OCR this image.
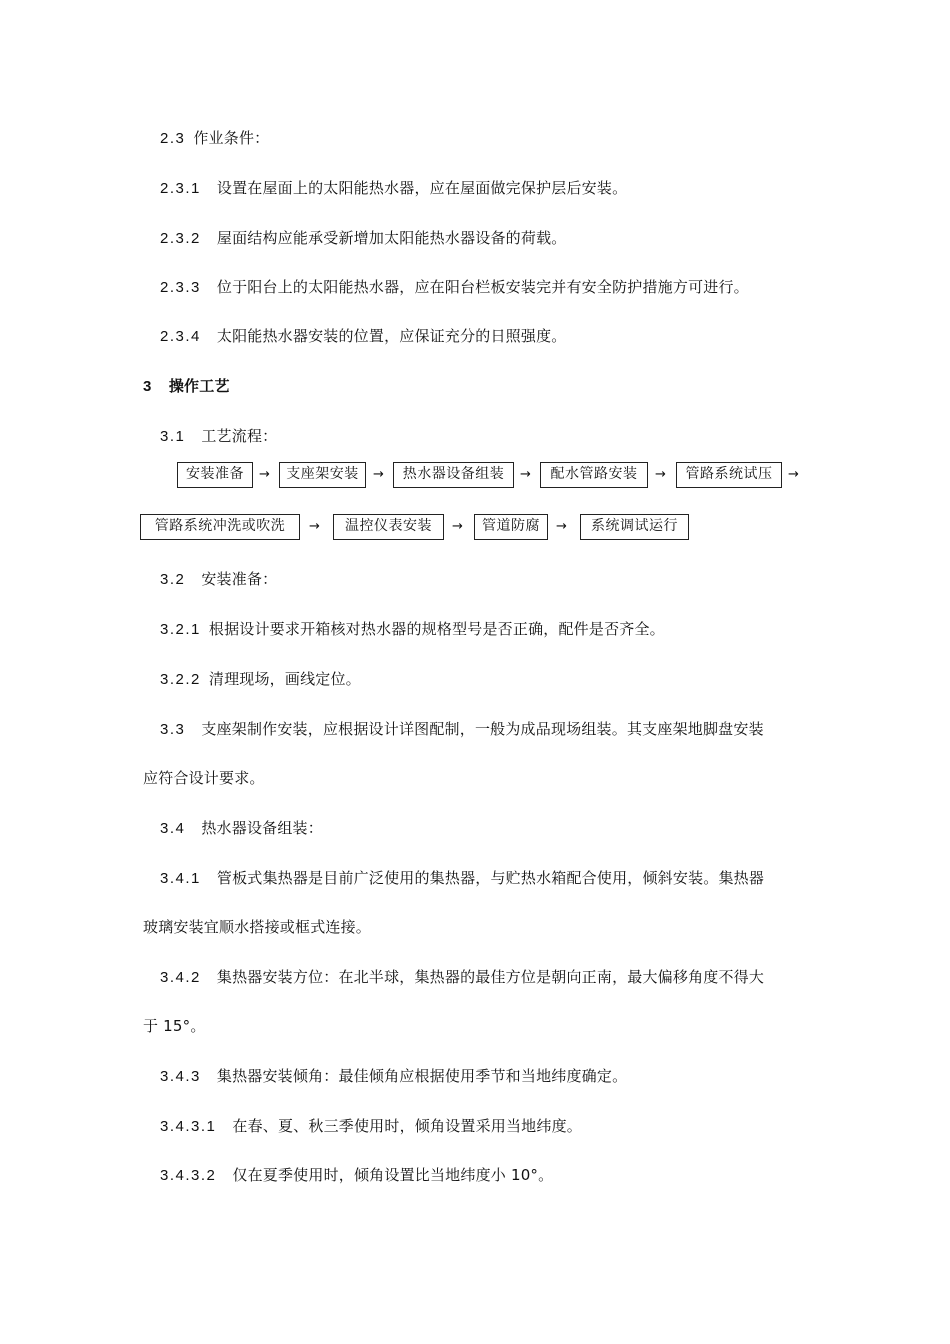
2.3 作业条件：
2.3.1 设置在屋面上的太阳能热水器，应在屋面做完保护层后安装。
2.3.2 屋面结构应能承受新增加太阳能热水器设备的荷载。
2.3.3 位于阳台上的太阳能热水器，应在阳台栏板安装完并有安全防护措施方可进行。
2.3.4 太阳能热水器安装的位置，应保证充分的日照强度。
3 操作工艺
3.1 工艺流程：
安装准备	→	支座架安装	→	热水器设备组装	→	配水管路安装	→	管路系统试压	→
管路系统冲洗或吹洗	→	温控仪表安装	→	管道防腐	→	系统调试运行
3.2 安装准备：
3.2.1 根据设计要求开箱核对热水器的规格型号是否正确，配件是否齐全。
3.2.2 清理现场，画线定位。
3.3 支座架制作安装，应根据设计详图配制，一般为成品现场组装。其支座架地脚盘安装
应符合设计要求。
3.4 热水器设备组装：
3.4.1 管板式集热器是目前广泛使用的集热器，与贮热水箱配合使用，倾斜安装。集热器
玻璃安装宜顺水搭接或框式连接。
3.4.2 集热器安装方位：在北半球，集热器的最佳方位是朝向正南，最大偏移角度不得大
于 15°。
3.4.3 集热器安装倾角：最佳倾角应根据使用季节和当地纬度确定。
3.4.3.1 在春、夏、秋三季使用时，倾角设置采用当地纬度。
3.4.3.2 仅在夏季使用时，倾角设置比当地纬度小 10°。
